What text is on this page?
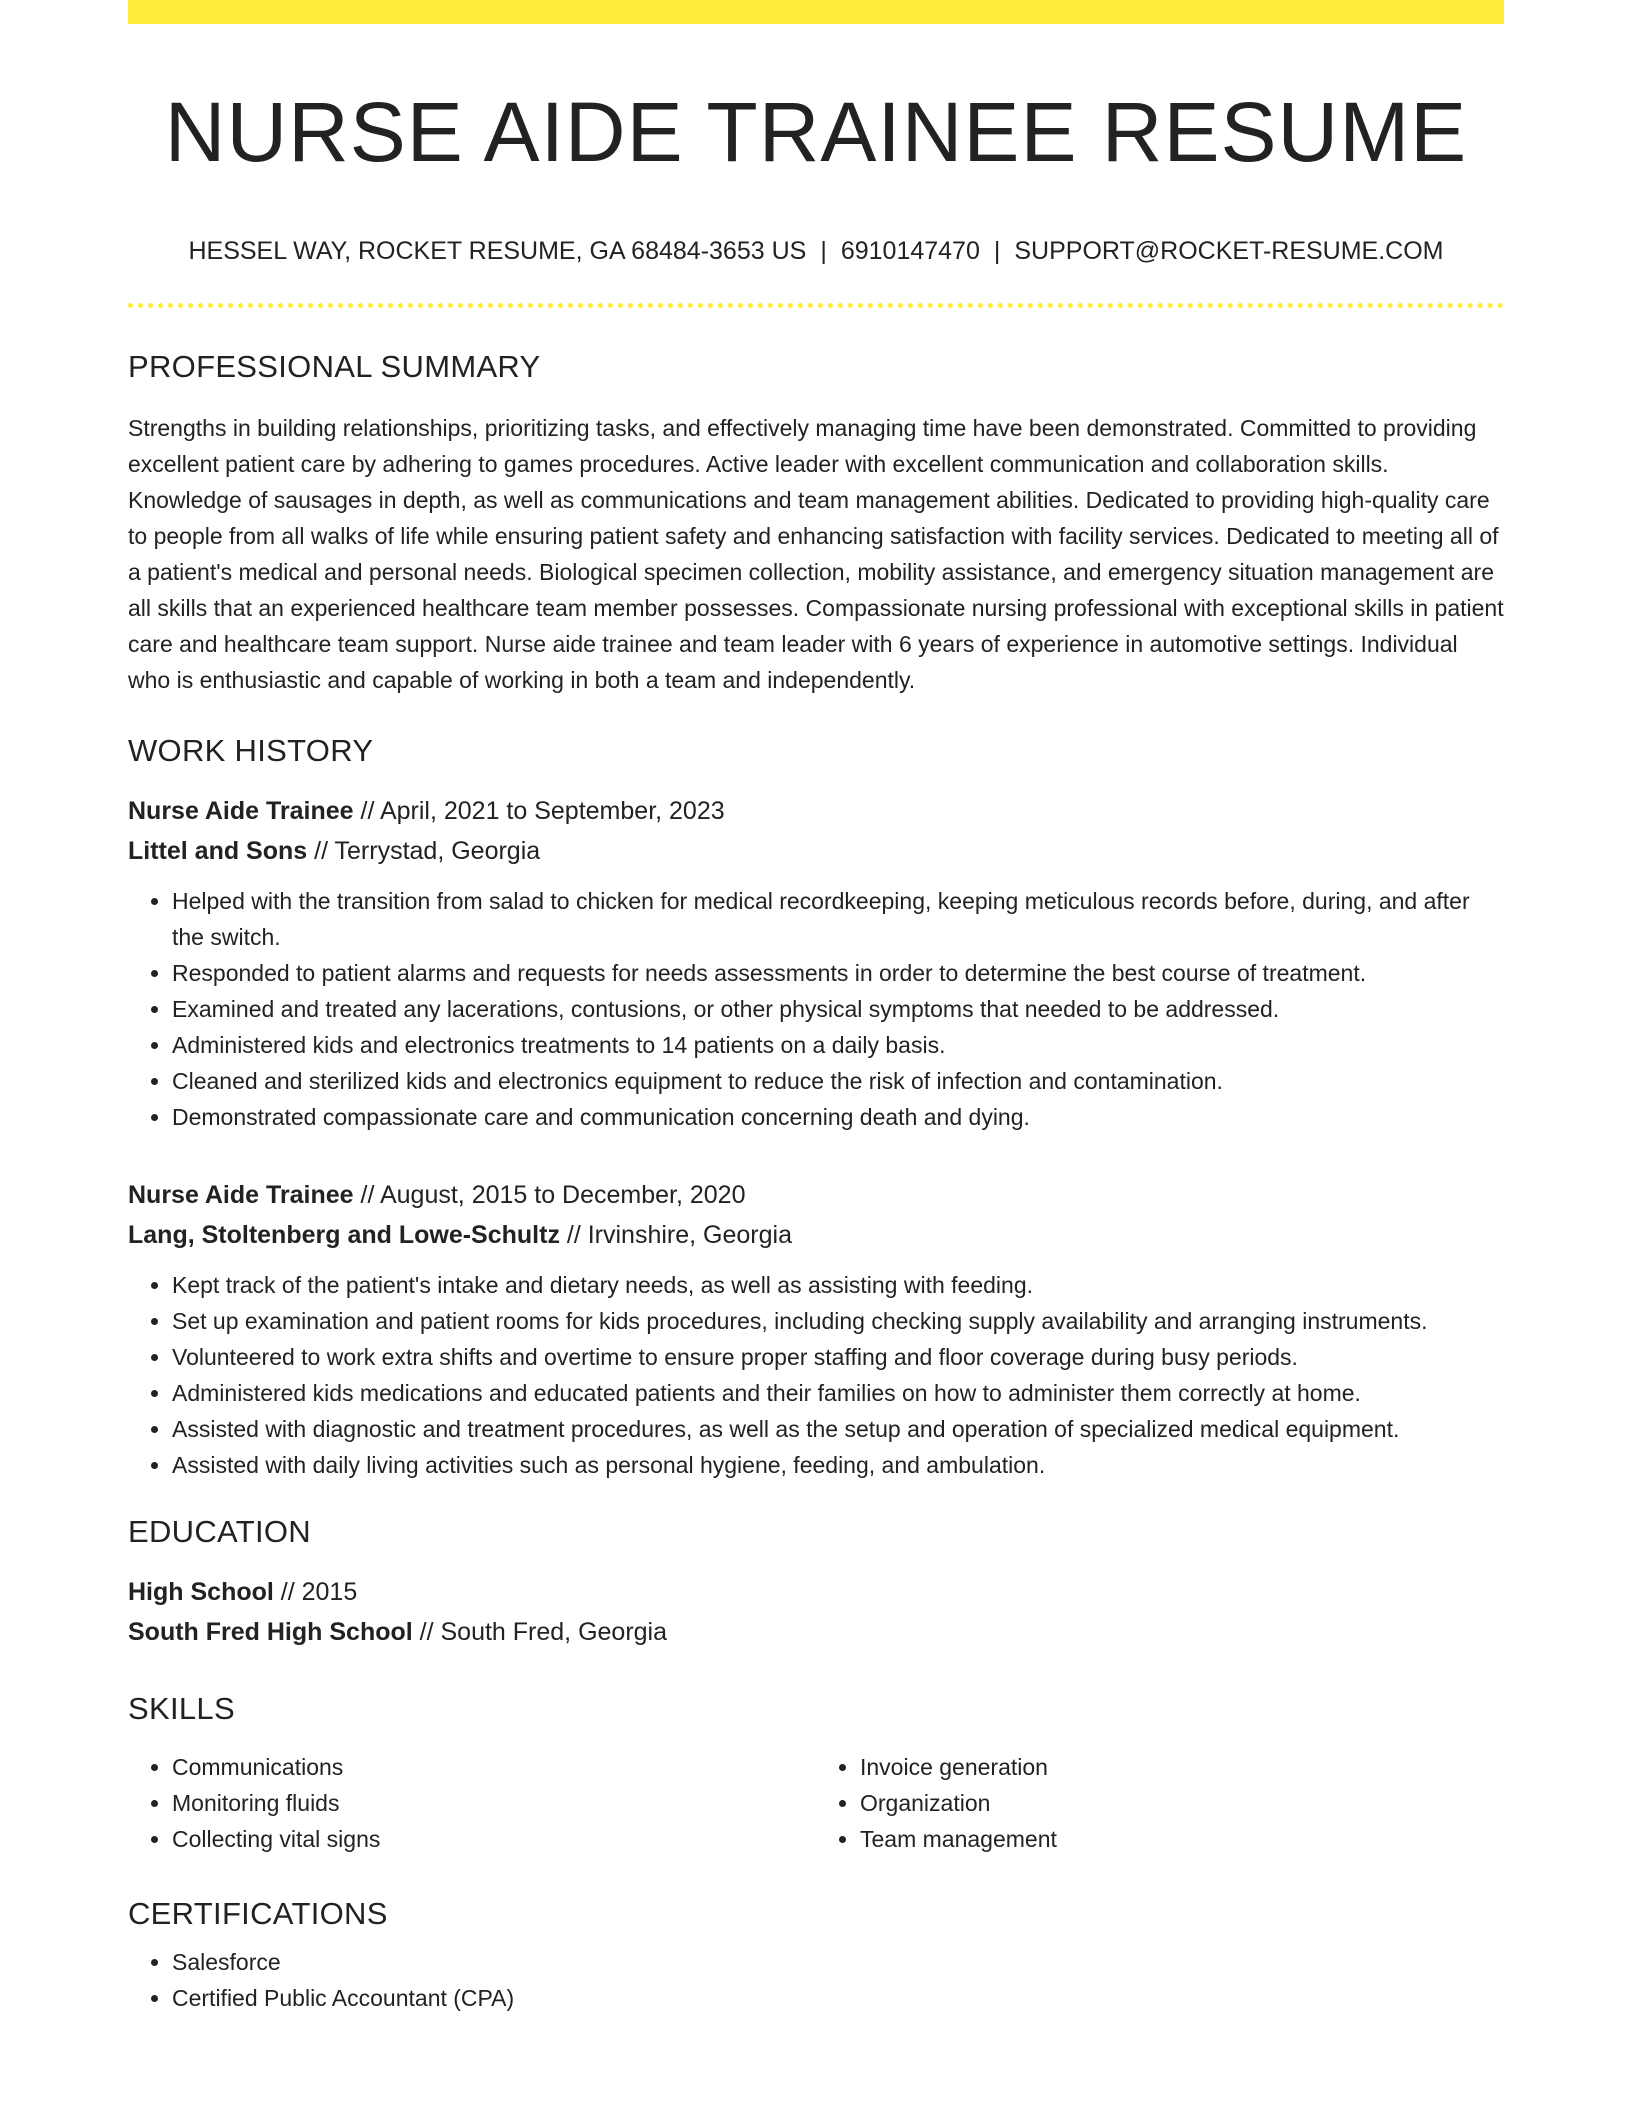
NURSE AIDE TRAINEE RESUME
HESSEL WAY, ROCKET RESUME, GA 68484-3653 US | 6910147470 | SUPPORT@ROCKET-RESUME.COM
PROFESSIONAL SUMMARY

Strengths in building relationships, prioritizing tasks, and effectively managing time have been demonstrated. Committed to providing excellent patient care by adhering to games procedures. Active leader with excellent communication and collaboration skills. Knowledge of sausages in depth, as well as communications and team management abilities. Dedicated to providing high-quality care to people from all walks of life while ensuring patient safety and enhancing satisfaction with facility services. Dedicated to meeting all of a patient's medical and personal needs. Biological specimen collection, mobility assistance, and emergency situation management are all skills that an experienced healthcare team member possesses. Compassionate nursing professional with exceptional skills in patient care and healthcare team support. Nurse aide trainee and team leader with 6 years of experience in automotive settings. Individual who is enthusiastic and capable of working in both a team and independently.

WORK HISTORY
Nurse Aide Trainee // April, 2021 to September, 2023
Littel and Sons // Terrystad, Georgia
• Helped with the transition from salad to chicken for medical recordkeeping, keeping meticulous records before, during, and after the switch.
• Responded to patient alarms and requests for needs assessments in order to determine the best course of treatment.
• Examined and treated any lacerations, contusions, or other physical symptoms that needed to be addressed.
• Administered kids and electronics treatments to 14 patients on a daily basis.
• Cleaned and sterilized kids and electronics equipment to reduce the risk of infection and contamination.
• Demonstrated compassionate care and communication concerning death and dying.
Nurse Aide Trainee // August, 2015 to December, 2020
Lang, Stoltenberg and Lowe-Schultz // Irvinshire, Georgia
• Kept track of the patient's intake and dietary needs, as well as assisting with feeding.
• Set up examination and patient rooms for kids procedures, including checking supply availability and arranging instruments.
• Volunteered to work extra shifts and overtime to ensure proper staffing and floor coverage during busy periods.
• Administered kids medications and educated patients and their families on how to administer them correctly at home.
• Assisted with diagnostic and treatment procedures, as well as the setup and operation of specialized medical equipment.
• Assisted with daily living activities such as personal hygiene, feeding, and ambulation.
EDUCATION
High School // 2015
South Fred High School // South Fred, Georgia
SKILLS
• Communications
• Monitoring fluids
• Collecting vital signs
• Invoice generation
• Organization
• Team management
CERTIFICATIONS
• Salesforce
• Certified Public Accountant (CPA)
